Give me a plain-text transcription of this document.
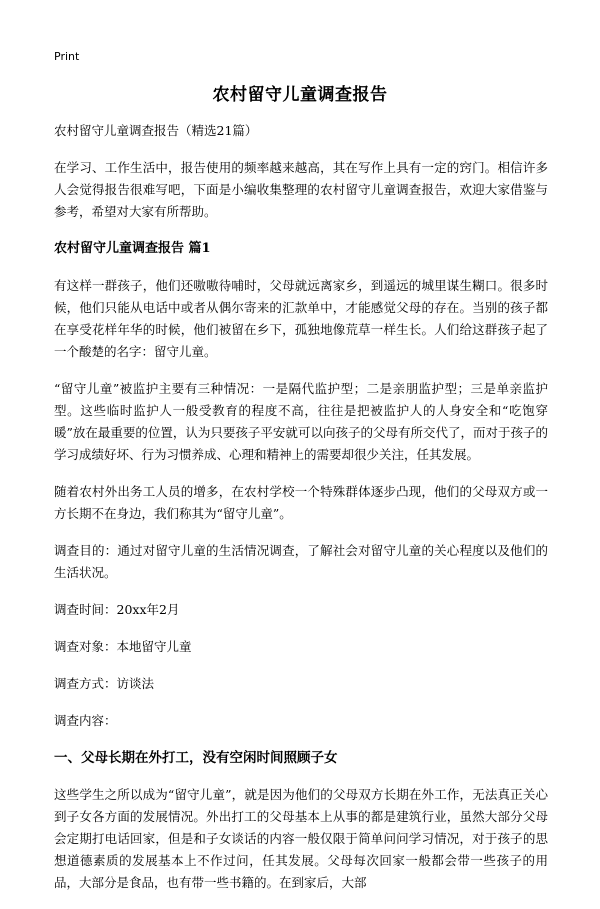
Print
农村留守儿童调查报告

农村留守儿童调查报告（精选21篇）

在学习、工作生活中，报告使用的频率越来越高，其在写作上具有一定的窍门。相信许多人会觉得报告很难写吧，下面是小编收集整理的农村留守儿童调查报告，欢迎大家借鉴与参考，希望对大家有所帮助。

农村留守儿童调查报告 篇1

有这样一群孩子，他们还嗷嗷待哺时，父母就远离家乡，到遥远的城里谋生糊口。很多时候，他们只能从电话中或者从偶尔寄来的汇款单中，才能感觉父母的存在。当别的孩子都在享受花样年华的时候，他们被留在乡下，孤独地像荒草一样生长。人们给这群孩子起了一个酸楚的名字：留守儿童。

“留守儿童”被监护主要有三种情况：一是隔代监护型；二是亲朋监护型；三是单亲监护型。这些临时监护人一般受教育的程度不高，往往是把被监护人的人身安全和“吃饱穿暖”放在最重要的位置，认为只要孩子平安就可以向孩子的父母有所交代了，而对于孩子的学习成绩好坏、行为习惯养成、心理和精神上的需要却很少关注，任其发展。

随着农村外出务工人员的增多，在农村学校一个特殊群体逐步凸现，他们的父母双方或一方长期不在身边，我们称其为“留守儿童”。

调查目的：通过对留守儿童的生活情况调查，了解社会对留守儿童的关心程度以及他们的生活状况。

调查时间：20xx年2月

调查对象：本地留守儿童

调查方式：访谈法

调查内容：

一、父母长期在外打工，没有空闲时间照顾子女

这些学生之所以成为“留守儿童”，就是因为他们的父母双方长期在外工作，无法真正关心到子女各方面的发展情况。外出打工的父母基本上从事的都是建筑行业，虽然大部分父母会定期打电话回家，但是和子女谈话的内容一般仅限于简单问问学习情况，对于孩子的思想道德素质的发展基本上不作过问，任其发展。父母每次回家一般都会带一些孩子的用品，大部分是食品，也有带一些书籍的。在到家后，大部
